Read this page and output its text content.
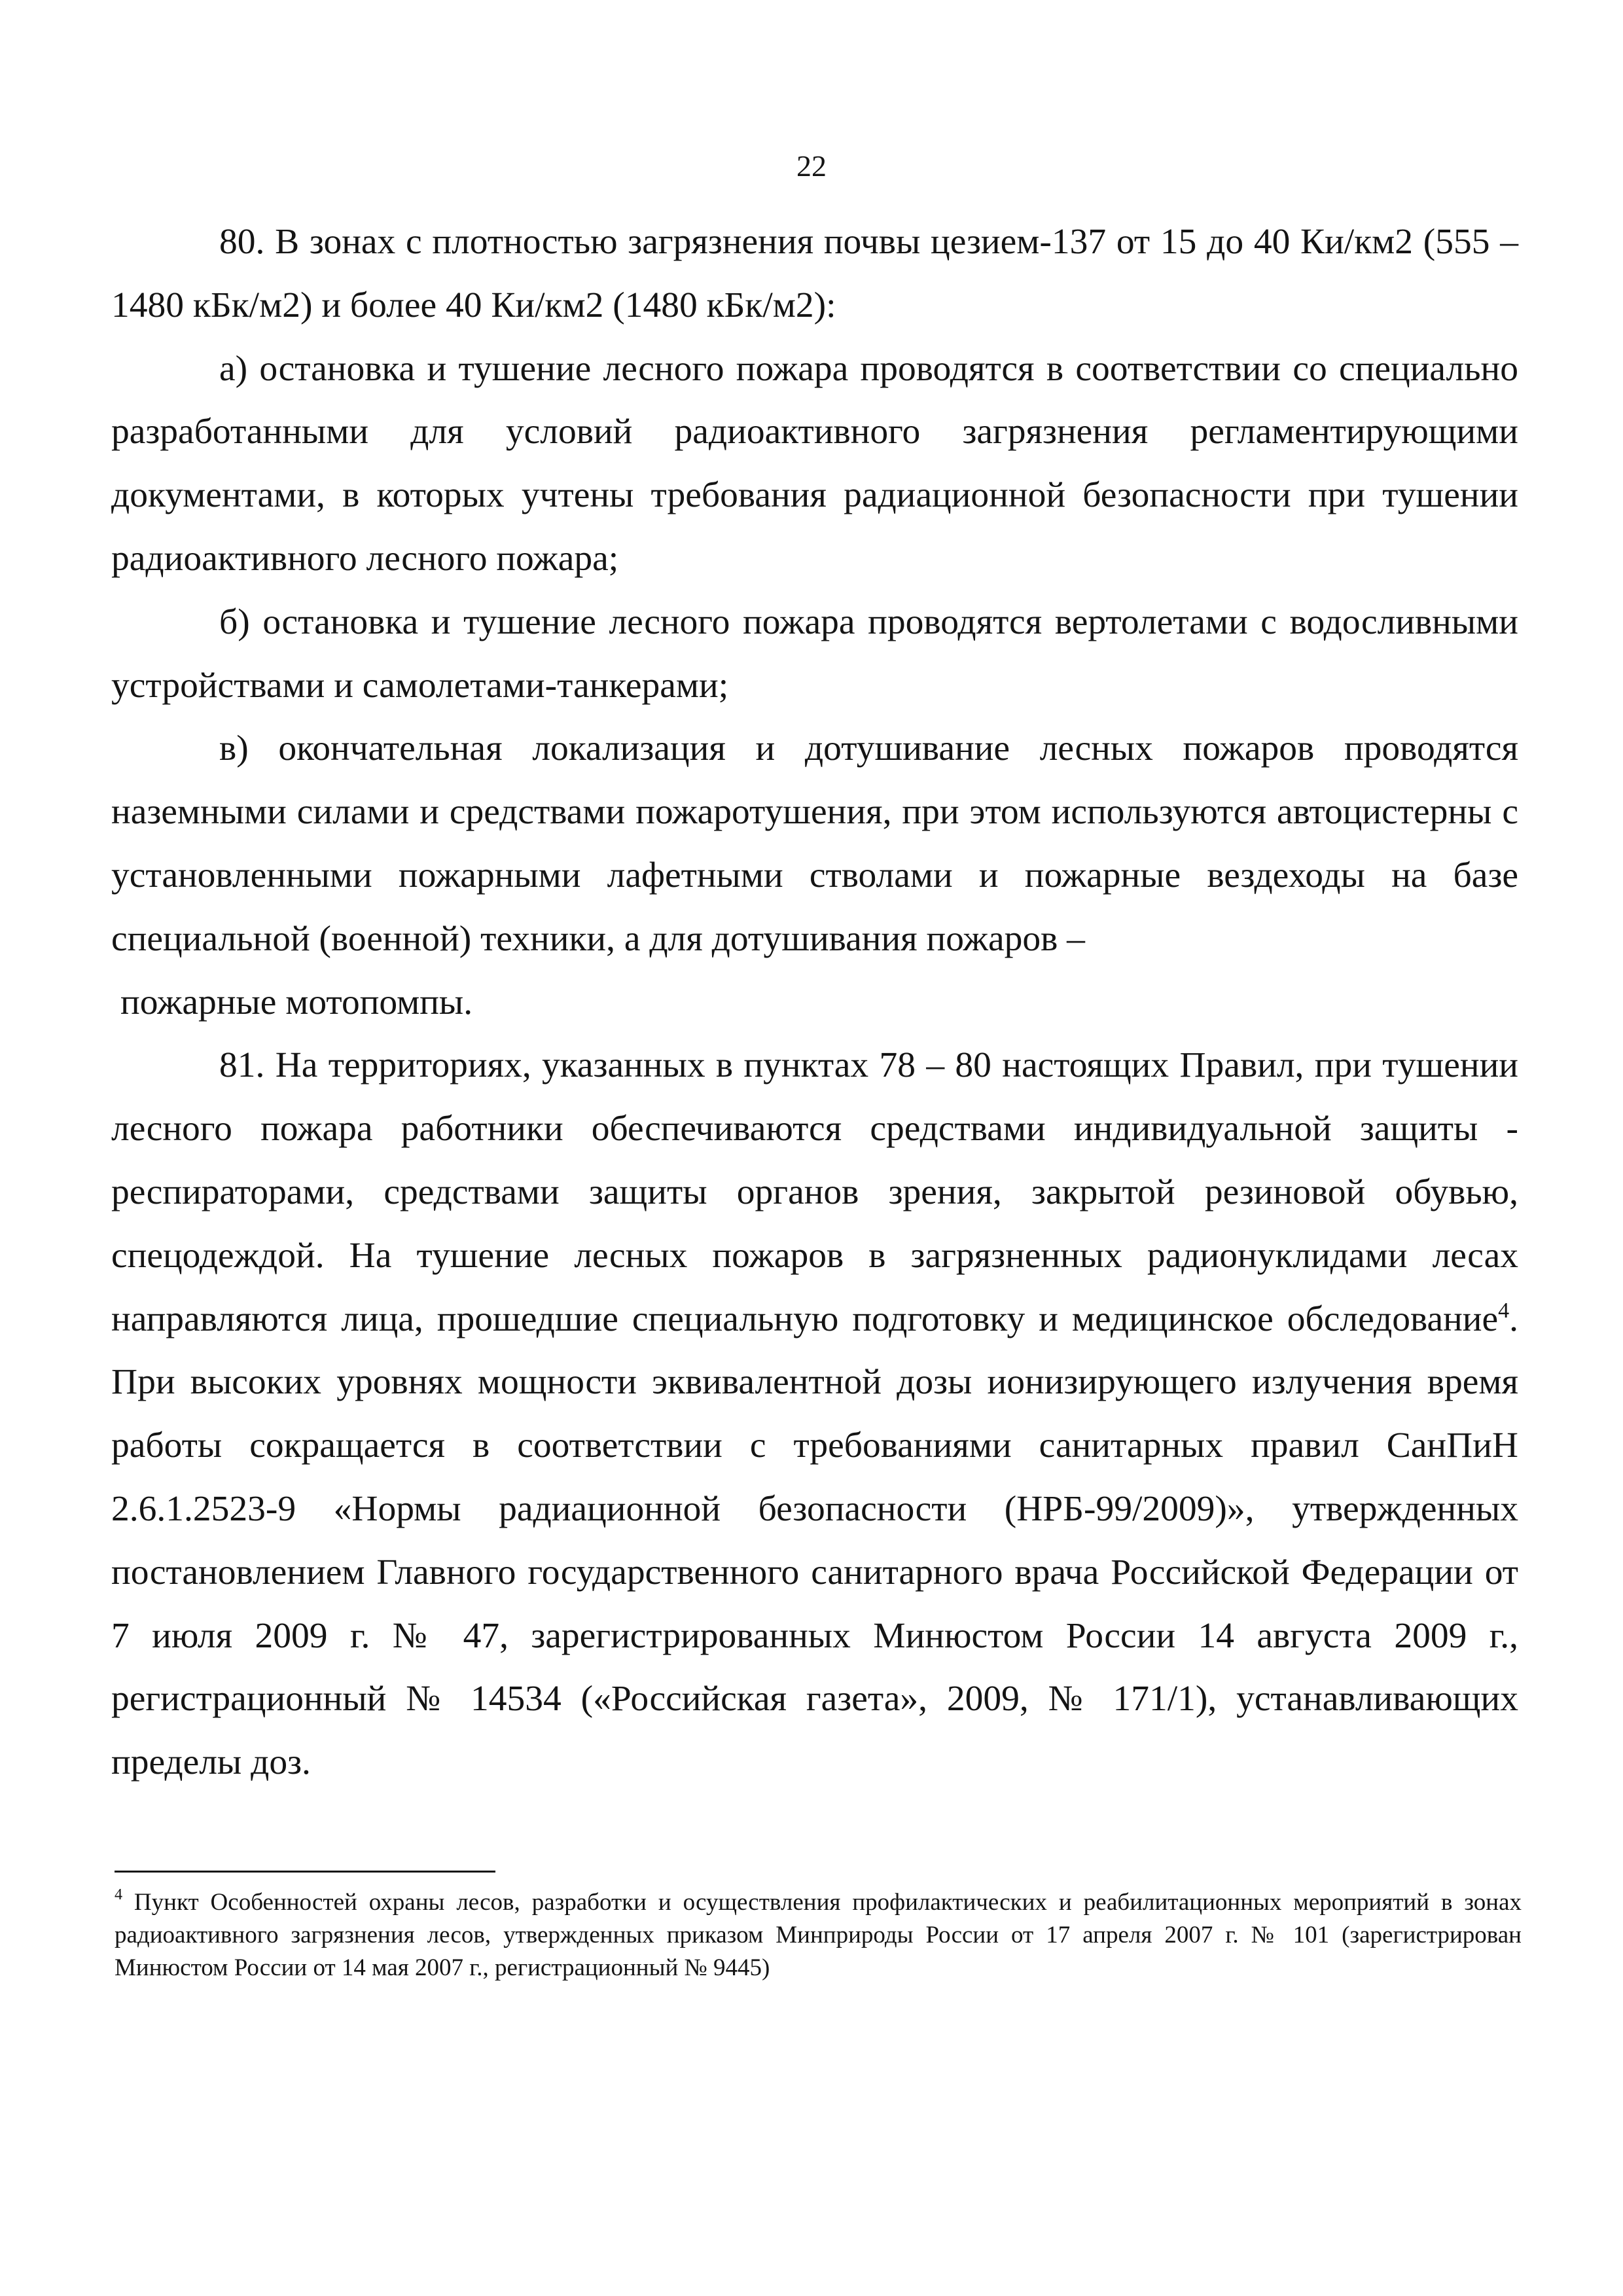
22

80. В зонах с плотностью загрязнения почвы цезием-137 от 15 до 40 Ки/км2 (555 – 1480 кБк/м2) и более 40 Ки/км2 (1480 кБк/м2):

а) остановка и тушение лесного пожара проводятся в соответствии со специально разработанными для условий радиоактивного загрязнения регламентирующими документами, в которых учтены требования радиационной безопасности при тушении радиоактивного лесного пожара;

б) остановка и тушение лесного пожара проводятся вертолетами с водосливными устройствами и самолетами-танкерами;

в) окончательная локализация и дотушивание лесных пожаров проводятся наземными силами и средствами пожаротушения, при этом используются автоцистерны с установленными пожарными лафетными стволами и пожарные вездеходы на базе специальной (военной) техники, а для дотушивания пожаров –

пожарные мотопомпы.

81. На территориях, указанных в пунктах 78 – 80 настоящих Правил, при тушении лесного пожара работники обеспечиваются средствами индивидуальной защиты - респираторами, средствами защиты органов зрения, закрытой резиновой обувью, спецодеждой. На тушение лесных пожаров в загрязненных радионуклидами лесах направляются лица, прошедшие специальную подготовку и медицинское обследование$^4$. При высоких уровнях мощности эквивалентной дозы ионизирующего излучения время работы сокращается в соответствии с требованиями санитарных правил СанПиН 2.6.1.2523-9 «Нормы радиационной безопасности (НРБ-99/2009)», утвержденных постановлением Главного государственного санитарного врача Российской Федерации от 7 июля 2009 г. № 47, зарегистрированных Минюстом России 14 августа 2009 г., регистрационный № 14534 («Российская газета», 2009, № 171/1), устанавливающих пределы доз.

$^4$ Пункт Особенностей охраны лесов, разработки и осуществления профилактических и реабилитационных мероприятий в зонах радиоактивного загрязнения лесов, утвержденных приказом Минприроды России от 17 апреля 2007 г. № 101 (зарегистрирован Минюстом России от 14 мая 2007 г., регистрационный № 9445)
